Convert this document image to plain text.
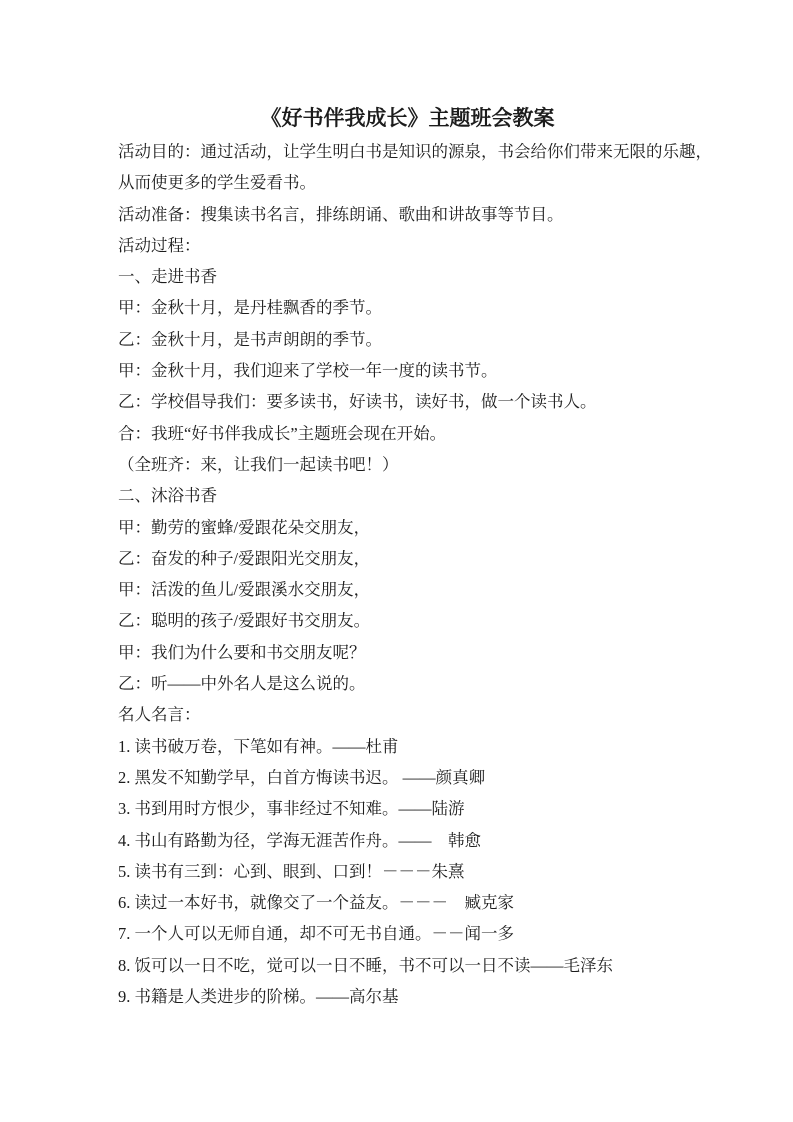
《好书伴我成长》主题班会教案

活动目的：通过活动，让学生明白书是知识的源泉，书会给你们带来无限的乐趣，

从而使更多的学生爱看书。

活动准备：搜集读书名言，排练朗诵、歌曲和讲故事等节目。

活动过程：

一、走进书香

甲：金秋十月，是丹桂飘香的季节。

乙：金秋十月，是书声朗朗的季节。

甲：金秋十月，我们迎来了学校一年一度的读书节。

乙：学校倡导我们：要多读书，好读书，读好书，做一个读书人。

合：我班“好书伴我成长”主题班会现在开始。

（全班齐：来，让我们一起读书吧！）

二、沐浴书香

甲：勤劳的蜜蜂/爱跟花朵交朋友，

乙：奋发的种子/爱跟阳光交朋友，

甲：活泼的鱼儿/爱跟溪水交朋友，

乙：聪明的孩子/爱跟好书交朋友。

甲：我们为什么要和书交朋友呢？

乙：听——中外名人是这么说的。

名人名言：

1. 读书破万卷，下笔如有神。——杜甫

2. 黑发不知勤学早，白首方悔读书迟。 ——颜真卿

3. 书到用时方恨少，事非经过不知难。——陆游

4. 书山有路勤为径，学海无涯苦作舟。——　韩愈

5. 读书有三到：心到、眼到、口到！－－－朱熹

6. 读过一本好书，就像交了一个益友。－－－　臧克家

7. 一个人可以无师自通，却不可无书自通。－－闻一多

8. 饭可以一日不吃，觉可以一日不睡，书不可以一日不读——毛泽东

9. 书籍是人类进步的阶梯。——高尔基
